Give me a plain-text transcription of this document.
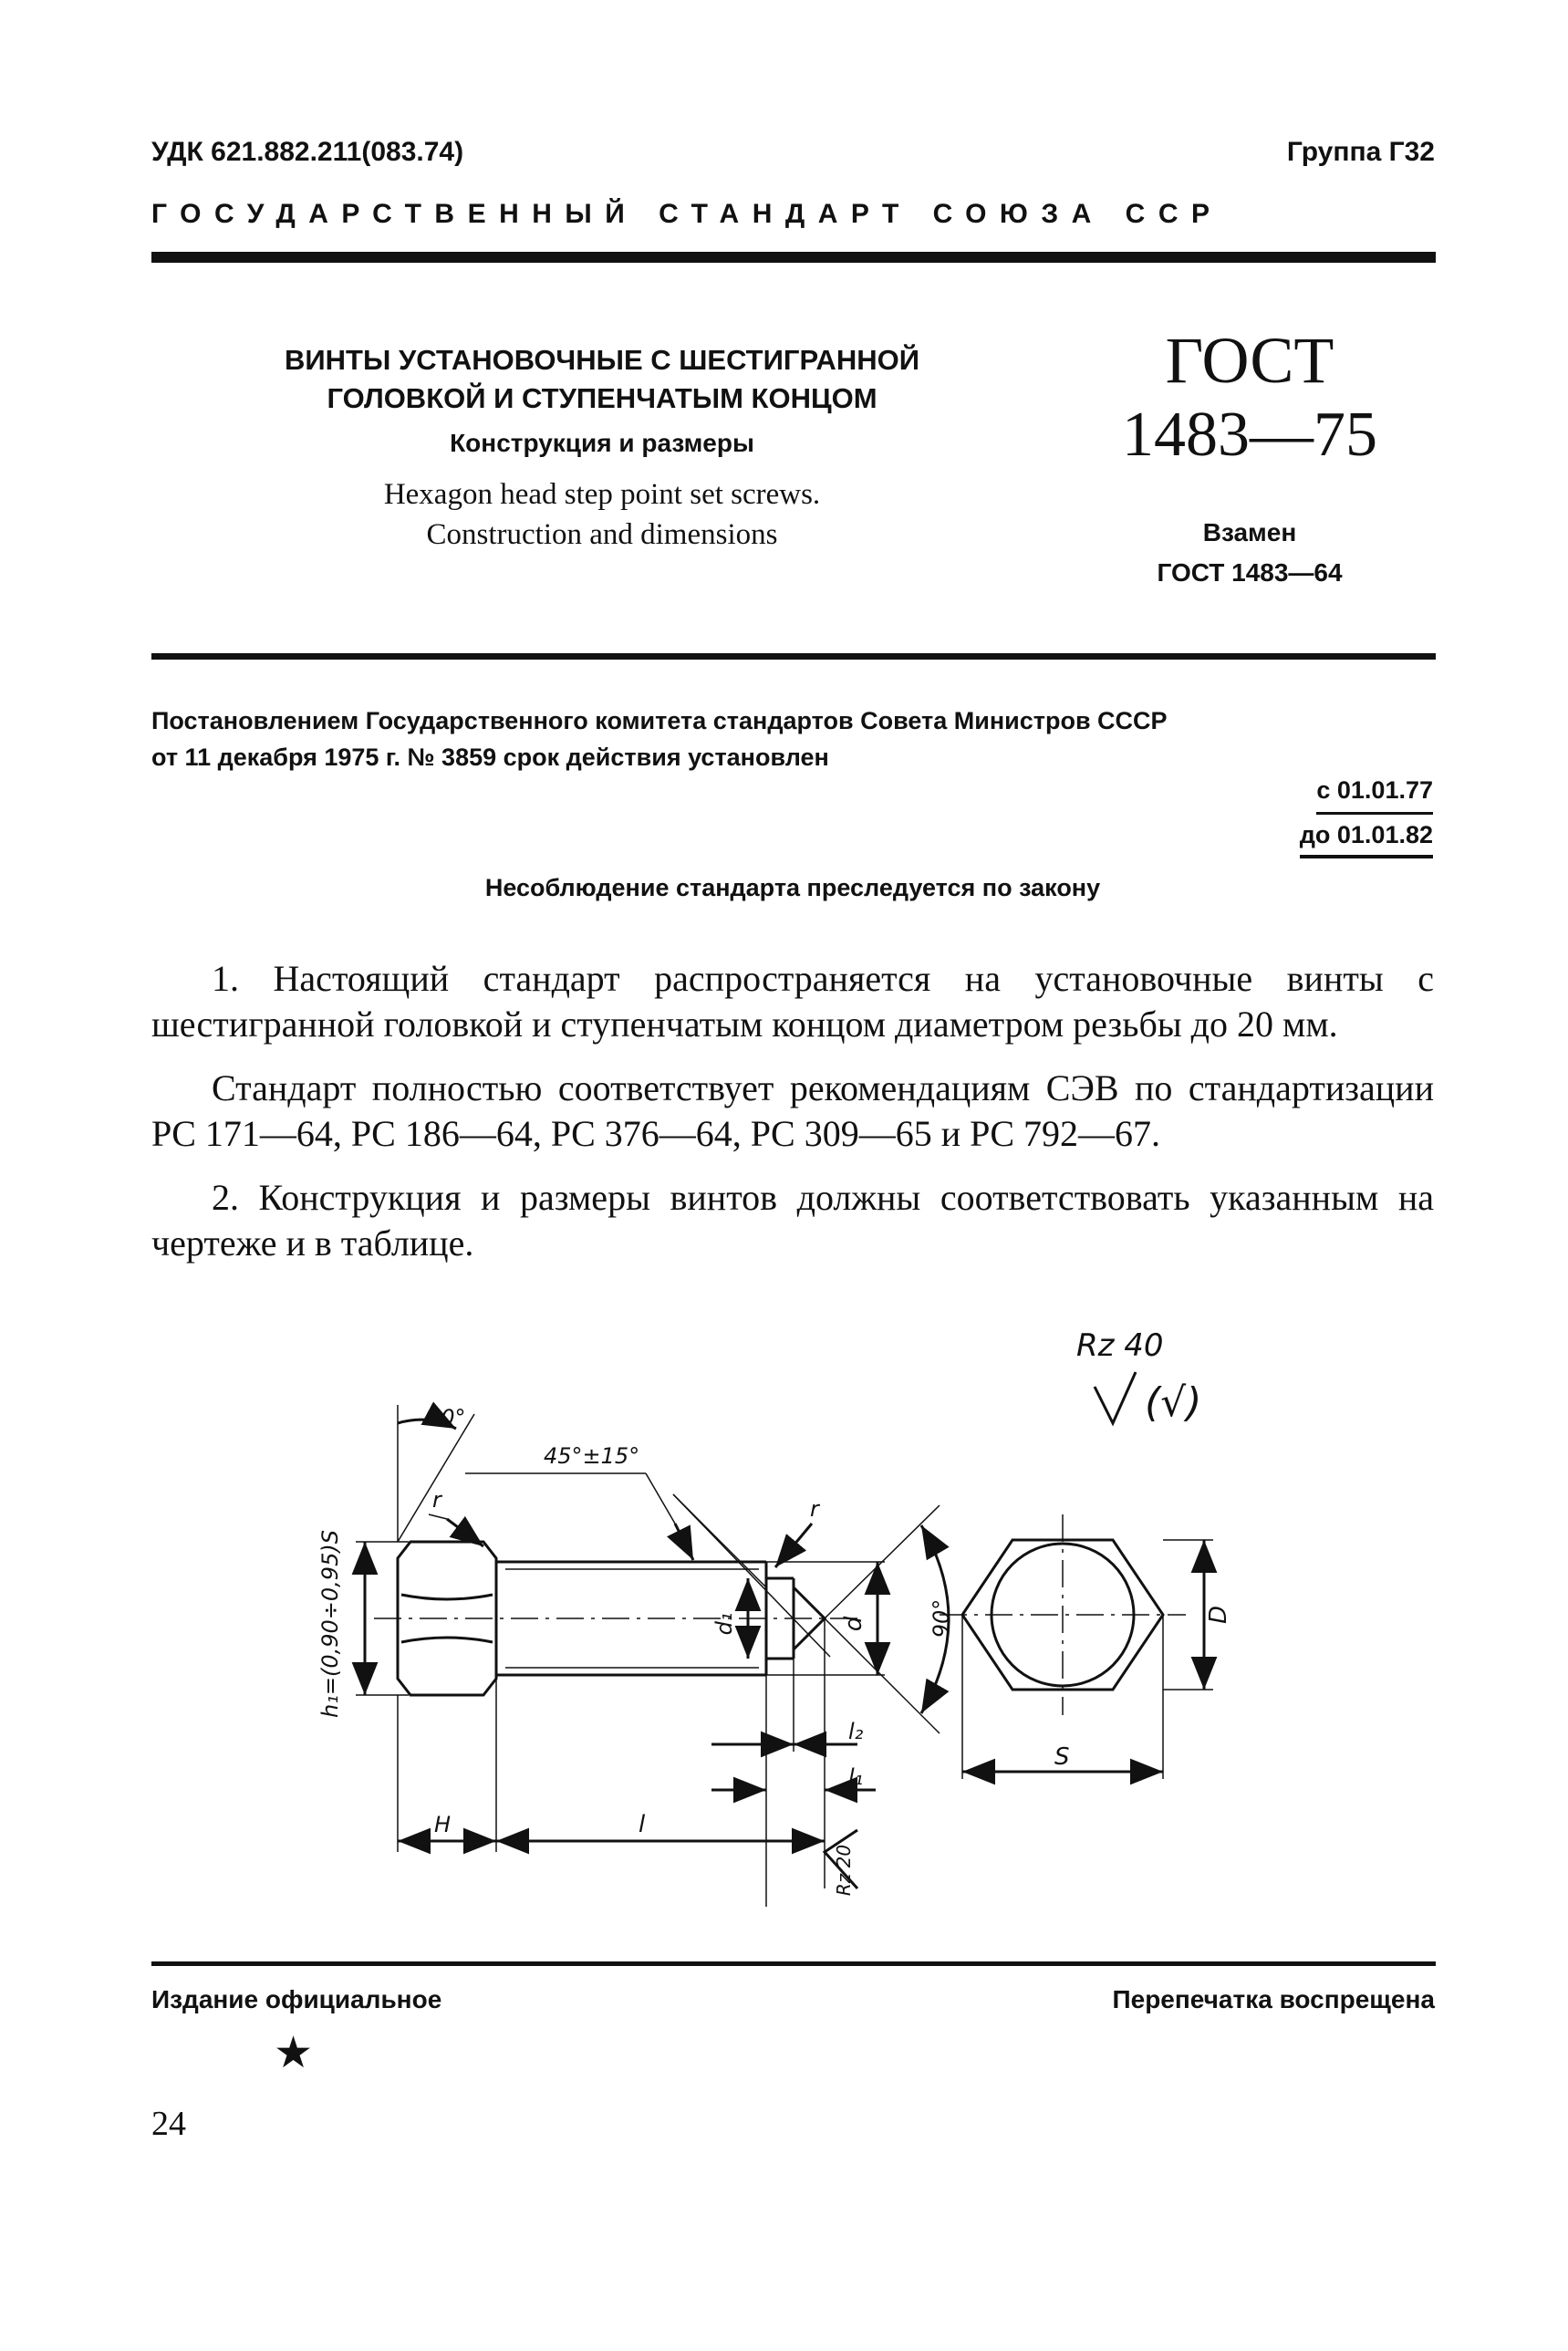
УДК 621.882.211(083.74)	Группа Г32
ГОСУДАРСТВЕННЫЙ СТАНДАРТ СОЮЗА ССР
ВИНТЫ УСТАНОВОЧНЫЕ С ШЕСТИГРАННОЙ
ГОЛОВКОЙ И СТУПЕНЧАТЫМ КОНЦОМ
Конструкция и размеры
Hexagon head step point set screws.
Construction and dimensions
ГОСТ
1483—75
Взамен
ГОСТ 1483—64
Постановлением Государственного комитета стандартов Совета Министров СССР
от 11 декабря 1975 г. № 3859 срок действия установлен
с 01.01.77
до 01.01.82
Несоблюдение стандарта преследуется по закону

1. Настоящий стандарт распространяется на установочные винты с шестигранной головкой и ступенчатым концом диаметром резьбы до 20 мм.

Стандарт полностью соответствует рекомендациям СЭВ по стандартизации PC 171—64, PC 186—64, PC 376—64, PC 309—65 и PC 792—67.

2. Конструкция и размеры винтов должны соответствовать указанным на чертеже и в таблице.

Rz 40
(√)
h₁=(0,90÷0,95)S
30°
45°±15°
r	r
d₁	d	90°
l₂
l₁
H	l
Rz 20
D
S
Издание официальное	Перепечатка воспрещена
★
24
